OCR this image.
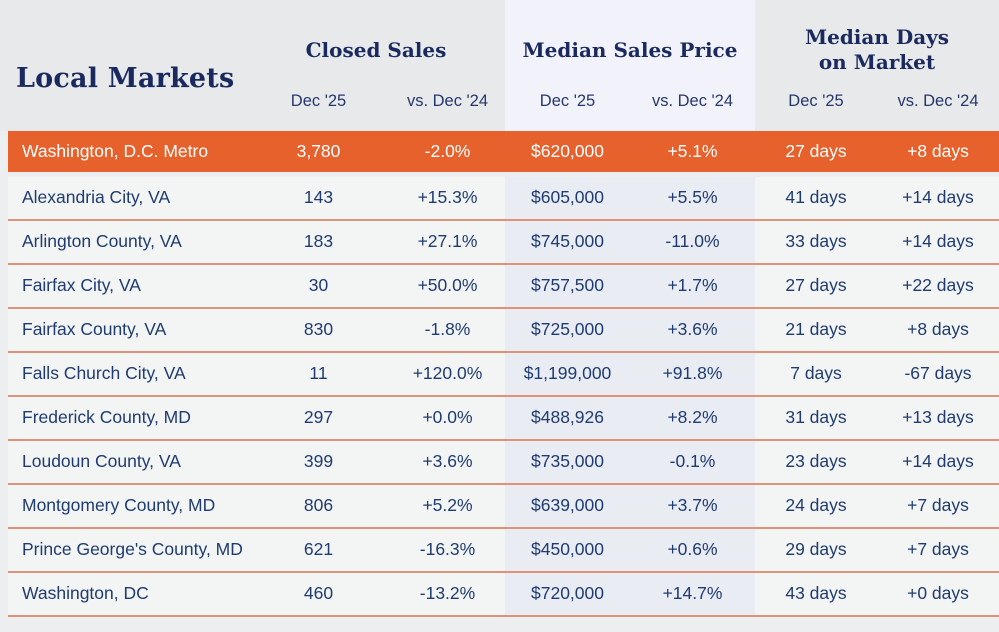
Local Markets
Closed Sales	Median Sales Price
Median Days on Market
Dec '25	vs. Dec '24	Dec '25	vs. Dec '24	Dec '25	vs. Dec '24
Washington, D.C. Metro	3,780	-2.0%	$620,000	+5.1%	27 days	+8 days
Alexandria City, VA	143	+15.3%	$605,000	+5.5%	41 days	+14 days
Arlington County, VA	183	+27.1%	$745,000	-11.0%	33 days	+14 days
Fairfax City, VA	30	+50.0%	$757,500	+1.7%	27 days	+22 days
Fairfax County, VA	830	-1.8%	$725,000	+3.6%	21 days	+8 days
Falls Church City, VA	11	+120.0%	$1,199,000	+91.8%	7 days	-67 days
Frederick County, MD	297	+0.0%	$488,926	+8.2%	31 days	+13 days
Loudoun County, VA	399	+3.6%	$735,000	-0.1%	23 days	+14 days
Montgomery County, MD	806	+5.2%	$639,000	+3.7%	24 days	+7 days
Prince George's County, MD	621	-16.3%	$450,000	+0.6%	29 days	+7 days
Washington, DC	460	-13.2%	$720,000	+14.7%	43 days	+0 days
